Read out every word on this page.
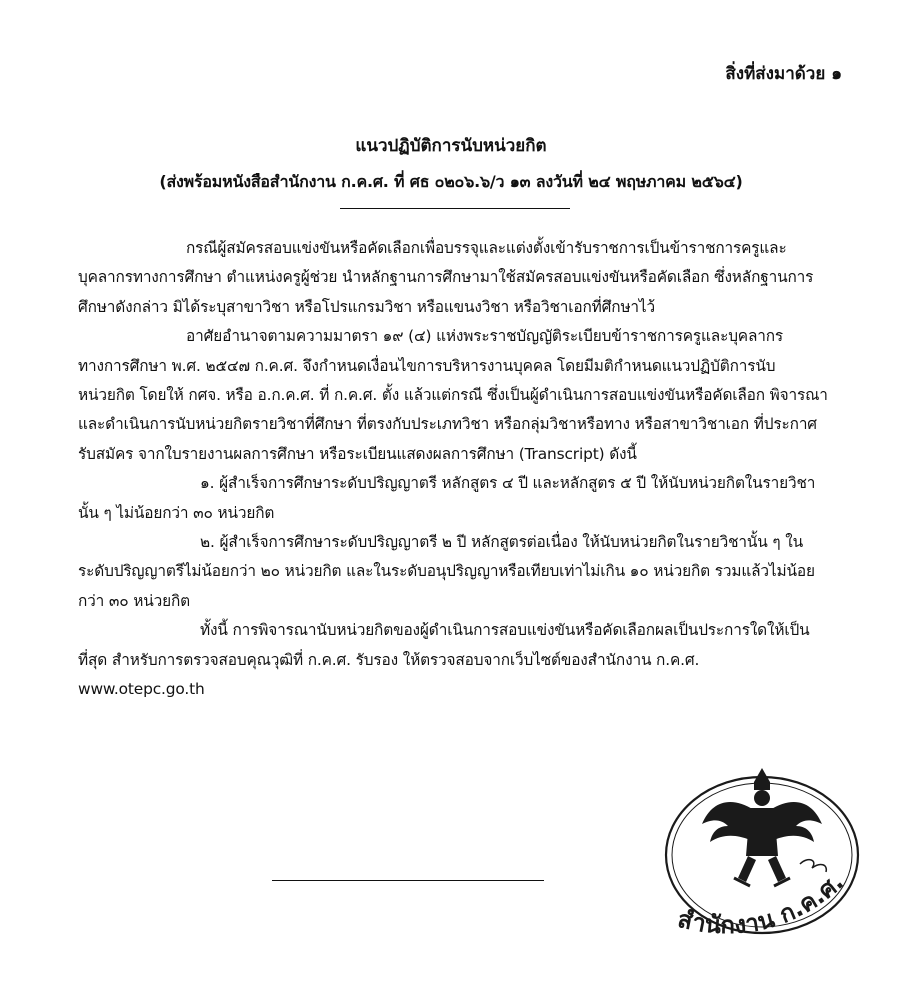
สิ่งที่ส่งมาด้วย ๑
แนวปฏิบัติการนับหน่วยกิต
(ส่งพร้อมหนังสือสำนักงาน ก.ค.ศ. ที่ ศธ ๐๒๐๖.๖/ว ๑๓ ลงวันที่ ๒๔ พฤษภาคม ๒๕๖๔)

กรณีผู้สมัครสอบแข่งขันหรือคัดเลือกเพื่อบรรจุและแต่งตั้งเข้ารับราชการเป็นข้าราชการครูและบุคลากรทางการศึกษา ตำแหน่งครูผู้ช่วย นำหลักฐานการศึกษามาใช้สมัครสอบแข่งขันหรือคัดเลือก ซึ่งหลักฐานการศึกษาดังกล่าว มิได้ระบุสาขาวิชา หรือโปรแกรมวิชา หรือแขนงวิชา หรือวิชาเอกที่ศึกษาไว้

อาศัยอำนาจตามความมาตรา ๑๙ (๔) แห่งพระราชบัญญัติระเบียบข้าราชการครูและบุคลากรทางการศึกษา พ.ศ. ๒๕๔๗ ก.ค.ศ. จึงกำหนดเงื่อนไขการบริหารงานบุคคล โดยมีมติกำหนดแนวปฏิบัติการนับหน่วยกิต โดยให้ กศจ. หรือ อ.ก.ค.ศ. ที่ ก.ค.ศ. ตั้ง แล้วแต่กรณี ซึ่งเป็นผู้ดำเนินการสอบแข่งขันหรือคัดเลือก พิจารณาและดำเนินการนับหน่วยกิตรายวิชาที่ศึกษา ที่ตรงกับประเภทวิชา หรือกลุ่มวิชาหรือทาง หรือสาขาวิชาเอก ที่ประกาศรับสมัคร จากใบรายงานผลการศึกษา หรือระเบียนแสดงผลการศึกษา (Transcript) ดังนี้

๑. ผู้สำเร็จการศึกษาระดับปริญญาตรี หลักสูตร ๔ ปี และหลักสูตร ๕ ปี ให้นับหน่วยกิตในรายวิชานั้น ๆ ไม่น้อยกว่า ๓๐ หน่วยกิต

๒. ผู้สำเร็จการศึกษาระดับปริญญาตรี ๒ ปี หลักสูตรต่อเนื่อง ให้นับหน่วยกิตในรายวิชานั้น ๆ ในระดับปริญญาตรีไม่น้อยกว่า ๒๐ หน่วยกิต และในระดับอนุปริญญาหรือเทียบเท่าไม่เกิน ๑๐ หน่วยกิต รวมแล้วไม่น้อยกว่า ๓๐ หน่วยกิต

ทั้งนี้ การพิจารณานับหน่วยกิตของผู้ดำเนินการสอบแข่งขันหรือคัดเลือกผลเป็นประการใดให้เป็นที่สุด สำหรับการตรวจสอบคุณวุฒิที่ ก.ค.ศ. รับรอง ให้ตรวจสอบจากเว็บไซต์ของสำนักงาน ก.ค.ศ. www.otepc.go.th

สำนักงาน ก.ค.ศ.
